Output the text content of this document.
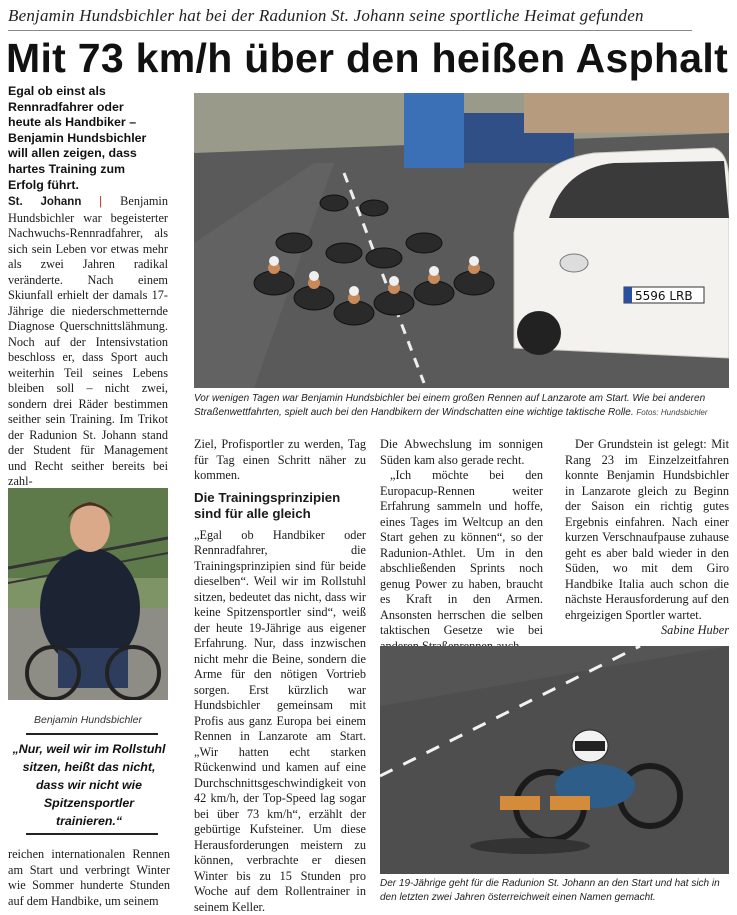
Benjamin Hundsbichler hat bei der Radunion St. Johann seine sportliche Heimat gefunden
Mit 73 km/h über den heißen Asphalt
Egal ob einst als Rennradfahrer oder heute als Handbiker – Benjamin Hundsbichler will allen zeigen, dass hartes Training zum Erfolg führt.
St. Johann | Benjamin Hundsbichler war begeisterter Nachwuchs-Rennradfahrer, als sich sein Leben vor etwas mehr als zwei Jahren radikal veränderte. Nach einem Skiunfall erhielt der damals 17-Jährige die niederschmetternde Diagnose Querschnittslähmung. Noch auf der Intensivstation beschloss er, dass Sport auch weiterhin Teil seines Lebens bleiben soll – nicht zwei, sondern drei Räder bestimmen seither sein Training. Im Trikot der Radunion St. Johann stand der Student für Management und Recht seither bereits bei zahl-
5596 LRB
Vor wenigen Tagen war Benjamin Hundsbichler bei einem großen Rennen auf Lanzarote am Start. Wie bei anderen Straßenwettfahrten, spielt auch bei den Handbikern der Windschatten eine wichtige taktische Rolle. Fotos: Hundsbichler
Benjamin Hundsbichler
„Nur, weil wir im Rollstuhl sitzen, heißt das nicht, dass wir nicht wie Spitzensportler trainieren.“
reichen internationalen Rennen am Start und verbringt Winter wie Sommer hunderte Stunden auf dem Handbike, um seinem

Ziel, Profisportler zu werden, Tag für Tag einen Schritt näher zu kommen.

Die Trainingsprinzipien sind für alle gleich

„Egal ob Handbiker oder Rennradfahrer, die Trainingsprinzipien sind für beide dieselben“. Weil wir im Rollstuhl sitzen, bedeutet das nicht, dass wir keine Spitzensportler sind“, weiß der heute 19-Jährige aus eigener Erfahrung. Nur, dass inzwischen nicht mehr die Beine, sondern die Arme für den nötigen Vortrieb sorgen. Erst kürzlich war Hundsbichler gemeinsam mit Profis aus ganz Europa bei einem Rennen in Lanzarote am Start. „Wir hatten echt starken Rückenwind und kamen auf eine Durchschnittsgeschwindigkeit von 42 km/h, der Top-Speed lag sogar bei über 73 km/h“, erzählt der gebürtige Kufsteiner. Um diese Herausforderungen meistern zu können, verbrachte er diesen Winter bis zu 15 Stunden pro Woche auf dem Rollentrainer in seinem Keller.

Die Abwechslung im sonnigen Süden kam also gerade recht.

„Ich möchte bei den Europacup-Rennen weiter Erfahrung sammeln und hoffe, eines Tages im Weltcup an den Start gehen zu können“, so der Radunion-Athlet. Um in den abschließenden Sprints noch genug Power zu haben, braucht es Kraft in den Armen. Ansonsten herrschen die selben taktischen Gesetze wie bei

Der Grundstein ist gelegt: Mit Rang 23 im Einzelzeitfahren konnte Benjamin Hundsbichler in Lanzarote gleich zu Beginn der Saison ein richtig gutes Ergebnis einfahren. Nach einer kurzen Verschnaufpause zuhause geht es aber bald wieder in den Süden, wo mit dem Giro Handbike Italia auch schon die nächste Herausforderung auf den ehrgeizigen Sportler wartet.

Sabine Huber

Der 19-Jährige geht für die Radunion St. Johann an den Start und hat sich in den letzten zwei Jahren österreichweit einen Namen gemacht.
